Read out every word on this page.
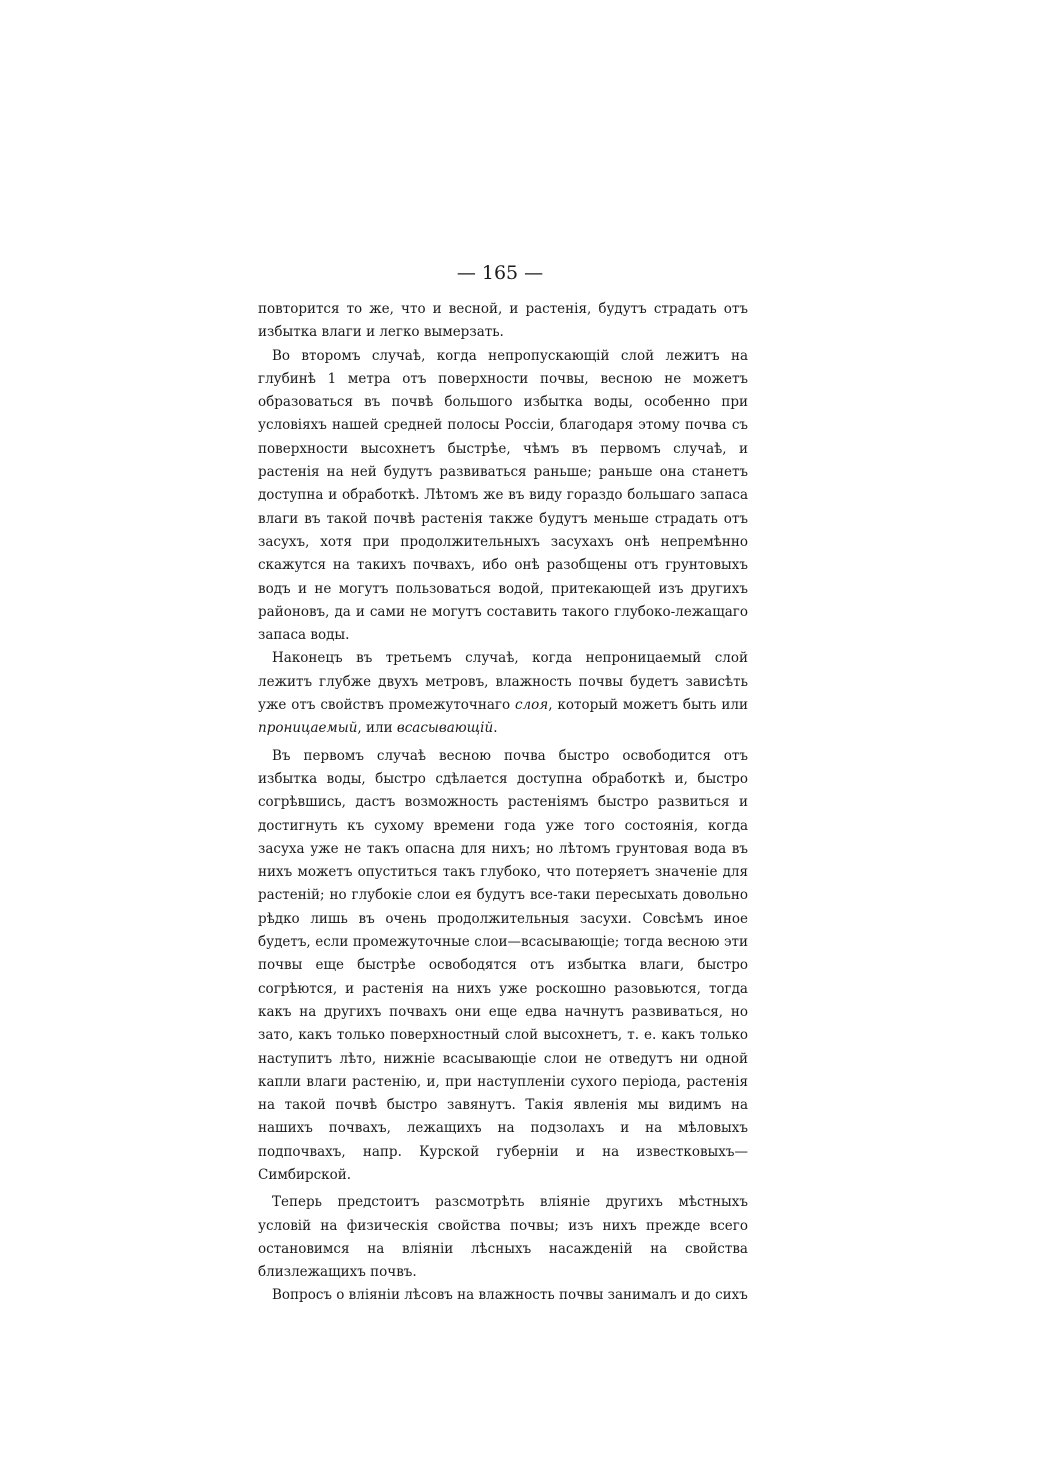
— 165 —

повторится то же, что и весной, и растенія, будутъ страдать отъ избытка влаги и легко вымерзать.

Во второмъ случаѣ, когда непропускающій слой лежитъ на глубинѣ 1 метра отъ поверхности почвы, весною не можетъ образоваться въ почвѣ большого избытка воды, особенно при условіяхъ нашей средней полосы Россіи, благодаря этому почва съ поверхности высохнетъ быстрѣе, чѣмъ въ первомъ случаѣ, и растенія на ней будутъ развиваться раньше; раньше она станетъ доступна и обработкѣ. Лѣтомъ же въ виду гораздо большаго запаса влаги въ такой почвѣ растенія также будутъ меньше страдать отъ засухъ, хотя при продолжительныхъ засухахъ онѣ непремѣнно скажутся на такихъ почвахъ, ибо онѣ разобщены отъ грунтовыхъ водъ и не могутъ пользоваться водой, притекающей изъ другихъ районовъ, да и сами не могутъ составить такого глубоко-лежащаго запаса воды.

Наконецъ въ третьемъ случаѣ, когда непроницаемый слой лежитъ глубже двухъ метровъ, влажность почвы будетъ зависѣть уже отъ свойствъ промежуточнаго слоя, который можетъ быть или проницаемый, или всасывающій.

Въ первомъ случаѣ весною почва быстро освободится отъ избытка воды, быстро сдѣлается доступна обработкѣ и, быстро согрѣвшись, дастъ возможность растеніямъ быстро развиться и достигнуть къ сухому времени года уже того состоянія, когда засуха уже не такъ опасна для нихъ; но лѣтомъ грунтовая вода въ нихъ можетъ опуститься такъ глубоко, что потеряетъ значеніе для растеній; но глубокіе слои ея будутъ все-таки пересыхать довольно рѣдко лишь въ очень продолжительныя засухи. Совсѣмъ иное будетъ, если промежуточные слои—всасывающіе; тогда весною эти почвы еще быстрѣе освободятся отъ избытка влаги, быстро согрѣются, и растенія на нихъ уже роскошно разовьются, тогда какъ на другихъ почвахъ они еще едва начнутъ развиваться, но зато, какъ только поверхностный слой высохнетъ, т. е. какъ только наступитъ лѣто, нижніе всасывающіе слои не отведутъ ни одной капли влаги растенію, и, при наступленіи сухого періода, растенія на такой почвѣ быстро завянутъ. Такія явленія мы видимъ на нашихъ почвахъ, лежащихъ на подзолахъ и на мѣловыхъ подпочвахъ, напр. Курской губерніи и на известковыхъ—Симбирской.

Теперь предстоитъ разсмотрѣть вліяніе другихъ мѣстныхъ условій на физическія свойства почвы; изъ нихъ прежде всего остановимся на вліяніи лѣсныхъ насажденій на свойства близлежащихъ почвъ.

Вопросъ о вліяніи лѣсовъ на влажность почвы занималъ и до сихъ
